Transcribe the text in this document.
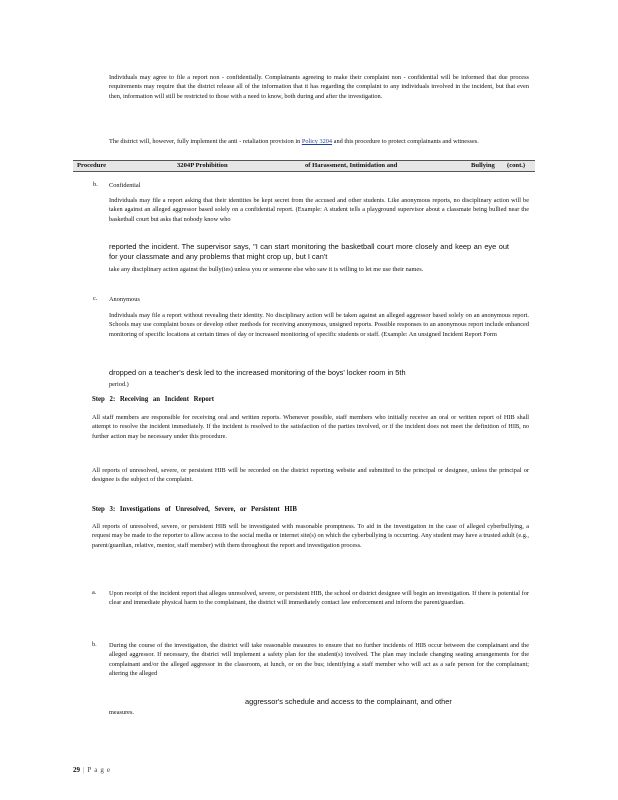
Individuals may agree to file a report non - confidentially. Complainants agreeing to make their complaint non - confidential will be informed that due process requirements may require that the district release all of the information that it has regarding the complaint to any individuals involved in the incident, but that even then, information will still be restricted to those with a need to know, both during and after the investigation.
The district will, however, fully implement the anti - retaliation provision in Policy 3204 and this procedure to protect complainants and witnesses.
Procedure	3204P Prohibition	of Harassment, Intimidation and	Bullying (cont.)
b. Confidential
Individuals may file a report asking that their identities be kept secret from the accused and other students. Like anonymous reports, no disciplinary action will be taken against an alleged aggressor based solely on a confidential report. (Example: A student tells a playground supervisor about a classmate being bullied near the basketball court but asks that nobody know who
reported the incident. The supervisor says, "I can start monitoring the basketball court more closely and keep an eye out for your classmate and any problems that might crop up, but I can't
take any disciplinary action against the bully(ies) unless you or someone else who saw it is willing to let me use their names.
c. Anonymous
Individuals may file a report without revealing their identity. No disciplinary action will be taken against an alleged aggressor based solely on an anonymous report. Schools may use complaint boxes or develop other methods for receiving anonymous, unsigned reports. Possible responses to an anonymous report include enhanced monitoring of specific locations at certain times of day or increased monitoring of specific students or staff. (Example: An unsigned Incident Report Form
dropped on a teacher's desk led to the increased monitoring of the boys' locker room in 5th
period.)
Step 2: Receiving an Incident Report
All staff members are responsible for receiving oral and written reports. Whenever possible, staff members who initially receive an oral or written report of HIB shall attempt to resolve the incident immediately. If the incident is resolved to the satisfaction of the parties involved, or if the incident does not meet the definition of HIB, no further action may be necessary under this procedure.
All reports of unresolved, severe, or persistent HIB will be recorded on the district reporting website and submitted to the principal or designee, unless the principal or designee is the subject of the complaint.
Step 3: Investigations of Unresolved, Severe, or Persistent HIB
All reports of unresolved, severe, or persistent HIB will be investigated with reasonable promptness. To aid in the investigation in the case of alleged cyberbullying, a request may be made to the reporter to allow access to the social media or internet site(s) on which the cyberbullying is occurring. Any student may have a trusted adult (e.g., parent/guardian, relative, mentor, staff member) with them throughout the report and investigation process.
a. Upon receipt of the incident report that alleges unresolved, severe, or persistent HIB, the school or district designee will begin an investigation. If there is potential for clear and immediate physical harm to the complainant, the district will immediately contact law enforcement and inform the parent/guardian.
b. During the course of the investigation, the district will take reasonable measures to ensure that no further incidents of HIB occur between the complainant and the alleged aggressor. If necessary, the district will implement a safety plan for the student(s) involved. The plan may include changing seating arrangements for the complainant and/or the alleged aggressor in the classroom, at lunch, or on the bus; identifying a staff member who will act as a safe person for the complainant; altering the alleged
aggressor's schedule and access to the complainant, and other
measures.
29 | Page
